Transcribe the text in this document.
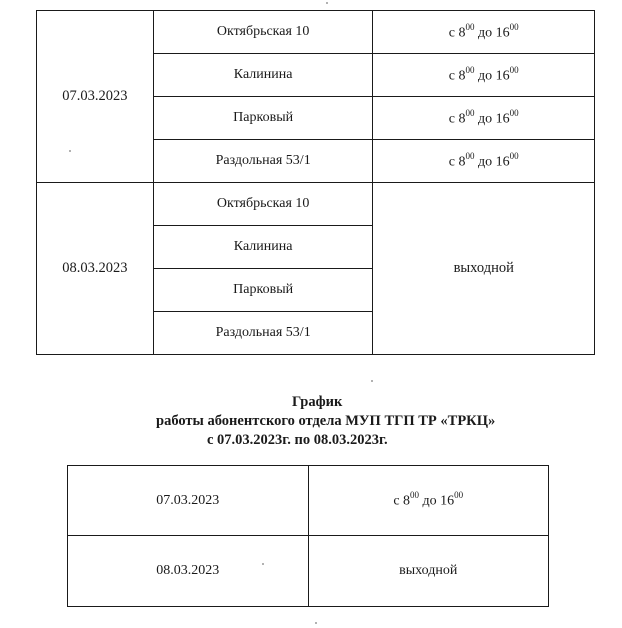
07.03.2023	Октябрьская 10	с $8^{00}$ до $16^{00}$
	Калинина	с $8^{00}$ до $16^{00}$
	Парковый	с $8^{00}$ до $16^{00}$
	Раздольная 53/1	с $8^{00}$ до $16^{00}$
08.03.2023	Октябрьская 10	выходной
	Калинина	
	Парковый	
	Раздольная 53/1	
График
работы абонентского отдела МУП ТГП ТР «ТРКЦ»
с 07.03.2023г. по 08.03.2023г.
07.03.2023	с $8^{00}$ до $16^{00}$
08.03.2023	выходной
